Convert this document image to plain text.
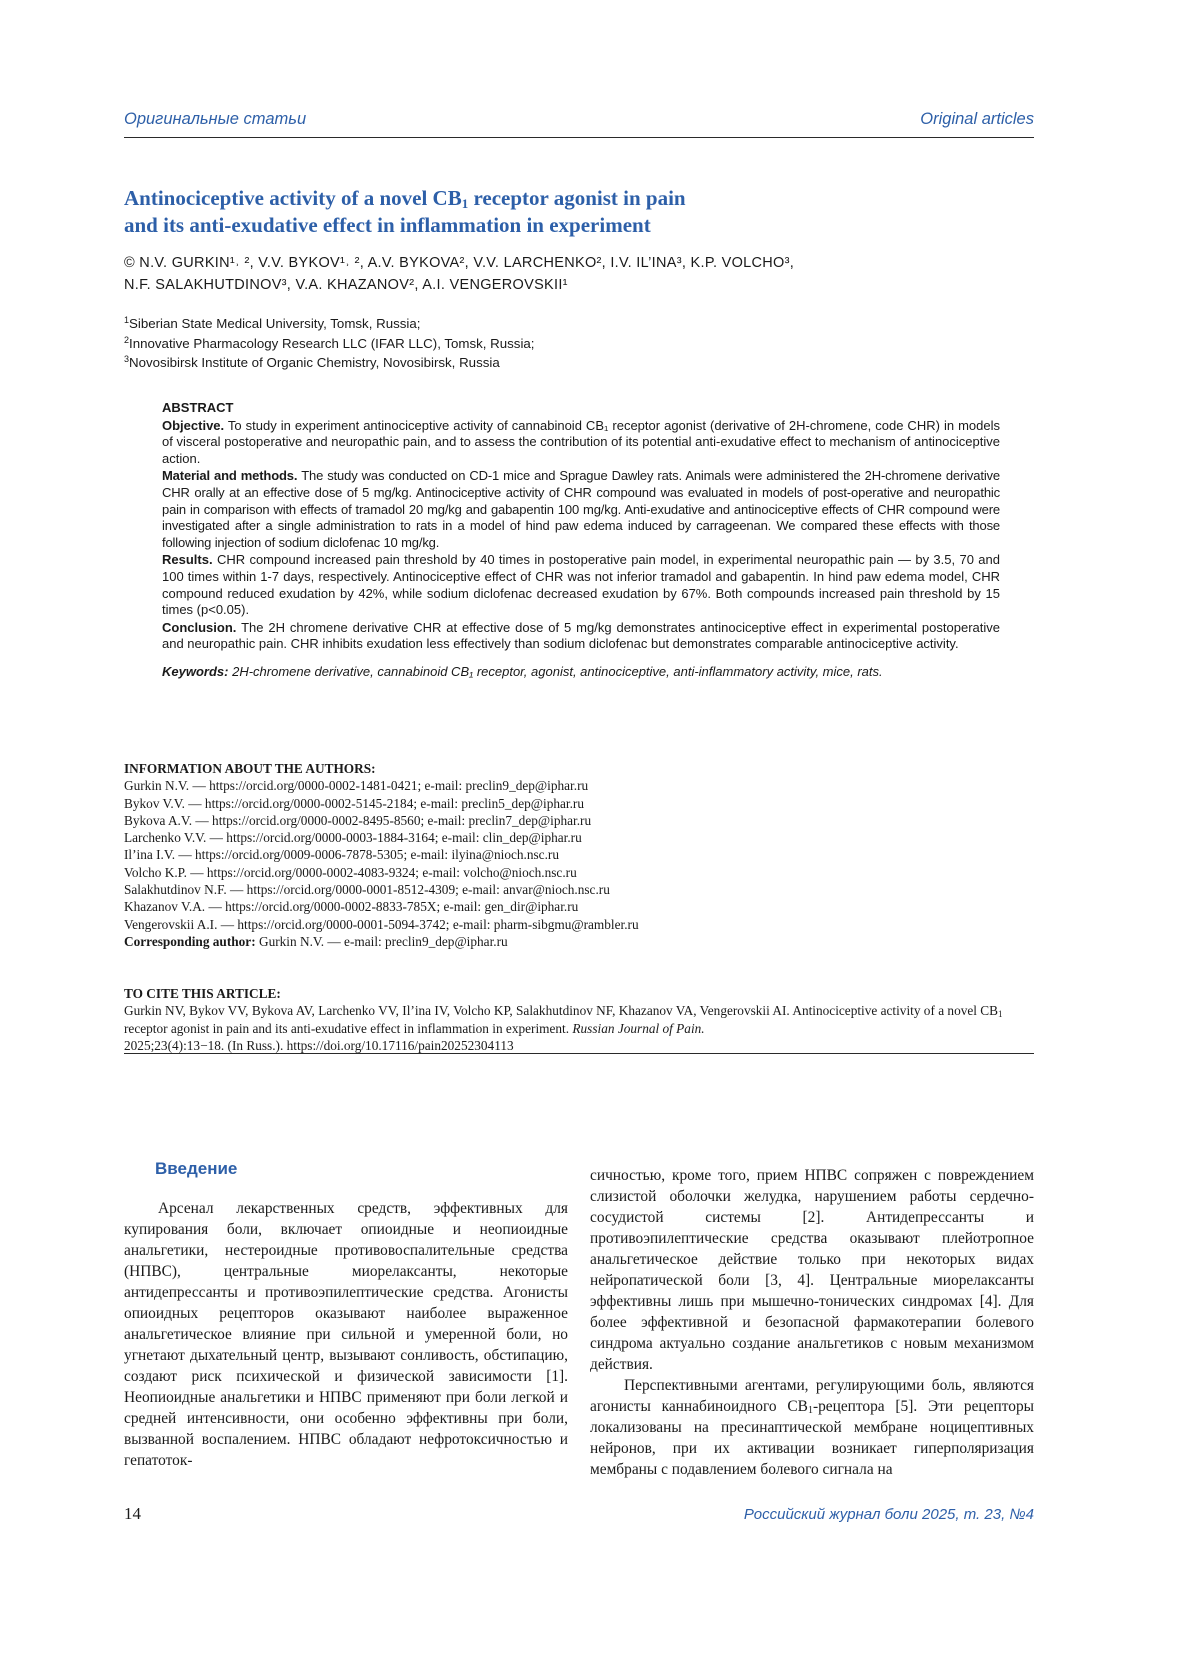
Оригинальные статьи	Original articles
Antinociceptive activity of a novel $CB_1$ receptor agonist in pain
and its anti-exudative effect in inflammation in experiment
© N.V. GURKIN¹˒ ², V.V. BYKOV¹˒ ², A.V. BYKOVA², V.V. LARCHENKO², I.V. IL’INA³, K.P. VOLCHO³,
N.F. SALAKHUTDINOV³, V.A. KHAZANOV², A.I. VENGEROVSKII¹
$^1$Siberian State Medical University, Tomsk, Russia;
$^2$Innovative Pharmacology Research LLC (IFAR LLC), Tomsk, Russia;
$^3$Novosibirsk Institute of Organic Chemistry, Novosibirsk, Russia

ABSTRACT

Objective. To study in experiment antinociceptive activity of cannabinoid CB₁ receptor agonist (derivative of 2H-chromene, code CHR) in models of visceral postoperative and neuropathic pain, and to assess the contribution of its potential anti-exudative effect to mechanism of antinociceptive action.

Material and methods. The study was conducted on CD-1 mice and Sprague Dawley rats. Animals were administered the 2H-chromene derivative CHR orally at an effective dose of 5 mg/kg. Antinociceptive activity of CHR compound was evaluated in models of post-operative and neuropathic pain in comparison with effects of tramadol 20 mg/kg and gabapentin 100 mg/kg. Anti-exudative and antinociceptive effects of CHR compound were investigated after a single administration to rats in a model of hind paw edema induced by carrageenan. We compared these effects with those following injection of sodium diclofenac 10 mg/kg.

Results. CHR compound increased pain threshold by 40 times in postoperative pain model, in experimental neuropathic pain — by 3.5, 70 and 100 times within 1-7 days, respectively. Antinociceptive effect of CHR was not inferior tramadol and gabapentin. In hind paw edema model, CHR compound reduced exudation by 42%, while sodium diclofenac decreased exudation by 67%. Both compounds increased pain threshold by 15 times (p<0.05).

Conclusion. The 2H chromene derivative CHR at effective dose of 5 mg/kg demonstrates antinociceptive effect in experimental postoperative and neuropathic pain. CHR inhibits exudation less effectively than sodium diclofenac but demonstrates comparable antinociceptive activity.

Keywords: 2H-chromene derivative, cannabinoid CB₁ receptor, agonist, antinociceptive, anti-inflammatory activity, mice, rats.

INFORMATION ABOUT THE AUTHORS:
Gurkin N.V. — https://orcid.org/0000-0002-1481-0421; e-mail: preclin9_dep@iphar.ru
Bykov V.V. — https://orcid.org/0000-0002-5145-2184; e-mail: preclin5_dep@iphar.ru
Bykova A.V. — https://orcid.org/0000-0002-8495-8560; e-mail: preclin7_dep@iphar.ru
Larchenko V.V. — https://orcid.org/0000-0003-1884-3164; e-mail: clin_dep@iphar.ru
Il’ina I.V. — https://orcid.org/0009-0006-7878-5305; e-mail: ilyina@nioch.nsc.ru
Volcho K.P. — https://orcid.org/0000-0002-4083-9324; e-mail: volcho@nioch.nsc.ru
Salakhutdinov N.F. — https://orcid.org/0000-0001-8512-4309; e-mail: anvar@nioch.nsc.ru
Khazanov V.A. — https://orcid.org/0000-0002-8833-785X; e-mail: gen_dir@iphar.ru
Vengerovskii A.I. — https://orcid.org/0000-0001-5094-3742; e-mail: pharm-sibgmu@rambler.ru
Corresponding author: Gurkin N.V. — e-mail: preclin9_dep@iphar.ru
TO CITE THIS ARTICLE:
Gurkin NV, Bykov VV, Bykova AV, Larchenko VV, Il’ina IV, Volcho KP, Salakhutdinov NF, Khazanov VA, Vengerovskii AI. Antinociceptive activity of a novel $CB_1$ receptor agonist in pain and its anti-exudative effect in inflammation in experiment. Russian Journal of Pain.
2025;23(4):13−18. (In Russ.). https://doi.org/10.17116/pain20252304113
Введение

Арсенал лекарственных средств, эффективных для купирования боли, включает опиоидные и неопиоидные анальгетики, нестероидные противовоспалительные средства (НПВС), центральные миорелаксанты, некоторые антидепрессанты и противоэпилептические средства. Агонисты опиоидных рецепторов оказывают наиболее выраженное анальгетическое влияние при сильной и умеренной боли, но угнетают дыхательный центр, вызывают сонливость, обстипацию, создают риск психической и физической зависимости [1]. Неопиоидные анальгетики и НПВС применяют при боли легкой и средней интенсивности, они особенно эффективны при боли, вызванной воспалением. НПВС обладают нефротоксичностью и гепатоток-

сичностью, кроме того, прием НПВС сопряжен с повреждением слизистой оболочки желудка, нарушением работы сердечно-сосудистой системы [2]. Антидепрессанты и противоэпилептические средства оказывают плейотропное анальгетическое действие только при некоторых видах нейропатической боли [3, 4]. Центральные миорелаксанты эффективны лишь при мышечно-тонических синдромах [4]. Для более эффективной и безопасной фармакотерапии болевого синдрома актуально создание анальгетиков с новым механизмом действия.

Перспективными агентами, регулирующими боль, являются агонисты каннабиноидного $CB_1$-рецептора [5]. Эти рецепторы локализованы на пресинаптической мембране ноцицептивных нейронов, при их активации возникает гиперполяризация мембраны с подавлением болевого сигнала на

14	Российский журнал боли 2025, т. 23, №4
